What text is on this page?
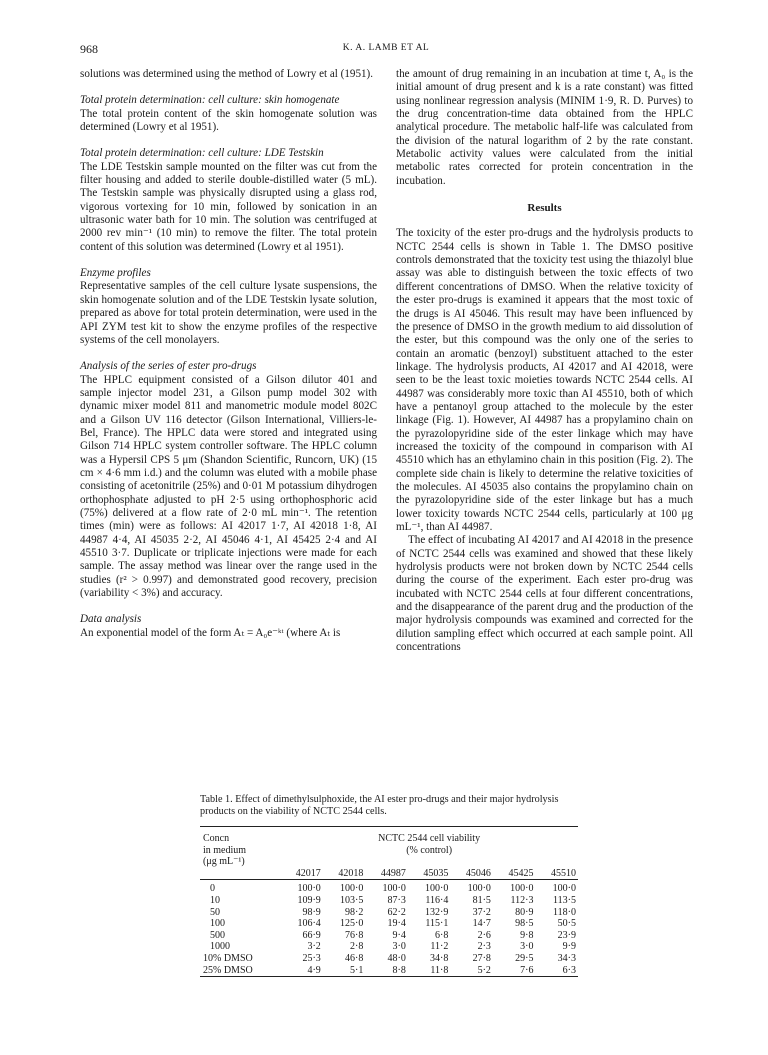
968	K. A. LAMB ET AL

solutions was determined using the method of Lowry et al (1951).

Total protein determination: cell culture: skin homogenate

The total protein content of the skin homogenate solution was determined (Lowry et al 1951).

Total protein determination: cell culture: LDE Testskin

The LDE Testskin sample mounted on the filter was cut from the filter housing and added to sterile double-distilled water (5 mL). The Testskin sample was physically disrupted using a glass rod, vigorous vortexing for 10 min, followed by sonication in an ultrasonic water bath for 10 min. The solution was centrifuged at 2000 rev min⁻¹ (10 min) to remove the filter. The total protein content of this solution was determined (Lowry et al 1951).

Enzyme profiles

Representative samples of the cell culture lysate suspensions, the skin homogenate solution and of the LDE Testskin lysate solution, prepared as above for total protein determination, were used in the API ZYM test kit to show the enzyme profiles of the respective systems of the cell monolayers.

Analysis of the series of ester pro-drugs

The HPLC equipment consisted of a Gilson dilutor 401 and sample injector model 231, a Gilson pump model 302 with dynamic mixer model 811 and manometric module model 802C and a Gilson UV 116 detector (Gilson International, Villiers-le-Bel, France). The HPLC data were stored and integrated using Gilson 714 HPLC system controller software. The HPLC column was a Hypersil CPS 5 μm (Shandon Scientific, Runcorn, UK) (15 cm × 4·6 mm i.d.) and the column was eluted with a mobile phase consisting of acetonitrile (25%) and 0·01 M potassium dihydrogen orthophosphate adjusted to pH 2·5 using orthophosphoric acid (75%) delivered at a flow rate of 2·0 mL min⁻¹. The retention times (min) were as follows: AI 42017 1·7, AI 42018 1·8, AI 44987 4·4, AI 45035 2·2, AI 45046 4·1, AI 45425 2·4 and AI 45510 3·7. Duplicate or triplicate injections were made for each sample. The assay method was linear over the range used in the studies (r² > 0.997) and demonstrated good recovery, precision (variability < 3%) and accuracy.

Data analysis

An exponential model of the form Aₜ = A₀e⁻ᵏᵗ (where Aₜ is

the amount of drug remaining in an incubation at time t, A₀ is the initial amount of drug present and k is a rate constant) was fitted using nonlinear regression analysis (MINIM 1·9, R. D. Purves) to the drug concentration-time data obtained from the HPLC analytical procedure. The metabolic half-life was calculated from the division of the natural logarithm of 2 by the rate constant. Metabolic activity values were calculated from the initial metabolic rates corrected for protein concentration in the incubation.

Results

The toxicity of the ester pro-drugs and the hydrolysis products to NCTC 2544 cells is shown in Table 1. The DMSO positive controls demonstrated that the toxicity test using the thiazolyl blue assay was able to distinguish between the toxic effects of two different concentrations of DMSO. When the relative toxicity of the ester pro-drugs is examined it appears that the most toxic of the drugs is AI 45046. This result may have been influenced by the presence of DMSO in the growth medium to aid dissolution of the ester, but this compound was the only one of the series to contain an aromatic (benzoyl) substituent attached to the ester linkage. The hydrolysis products, AI 42017 and AI 42018, were seen to be the least toxic moieties towards NCTC 2544 cells. AI 44987 was considerably more toxic than AI 45510, both of which have a pentanoyl group attached to the molecule by the ester linkage (Fig. 1). However, AI 44987 has a propylamino chain on the pyrazolopyridine side of the ester linkage which may have increased the toxicity of the compound in comparison with AI 45510 which has an ethylamino chain in this position (Fig. 2). The complete side chain is likely to determine the relative toxicities of the molecules. AI 45035 also contains the propylamino chain on the pyrazolopyridine side of the ester linkage but has a much lower toxicity towards NCTC 2544 cells, particularly at 100 μg mL⁻¹, than AI 44987.

The effect of incubating AI 42017 and AI 42018 in the presence of NCTC 2544 cells was examined and showed that these likely hydrolysis products were not broken down by NCTC 2544 cells during the course of the experiment. Each ester pro-drug was incubated with NCTC 2544 cells at four different concentrations, and the disappearance of the parent drug and the production of the major hydrolysis compounds was examined and corrected for the dilution sampling effect which occurred at each sample point. All concentrations

Table 1. Effect of dimethylsulphoxide, the AI ester pro-drugs and their major hydrolysis products on the viability of NCTC 2544 cells.

Concn	NCTC 2544 cell viability						
in medium	(% control)						
(μg mL⁻¹)							
	42017	42018	44987	45035	45046	45425	45510

0	100·0	100·0	100·0	100·0	100·0	100·0	100·0
10	109·9	103·5	87·3	116·4	81·5	112·3	113·5
50	98·9	98·2	62·2	132·9	37·2	80·9	118·0
100	106·4	125·0	19·4	115·1	14·7	98·5	50·5
500	66·9	76·8	9·4	6·8	2·6	9·8	23·9
1000	3·2	2·8	3·0	11·2	2·3	3·0	9·9
10% DMSO	25·3	46·8	48·0	34·8	27·8	29·5	34·3
25% DMSO	4·9	5·1	8·8	11·8	5·2	7·6	6·3
